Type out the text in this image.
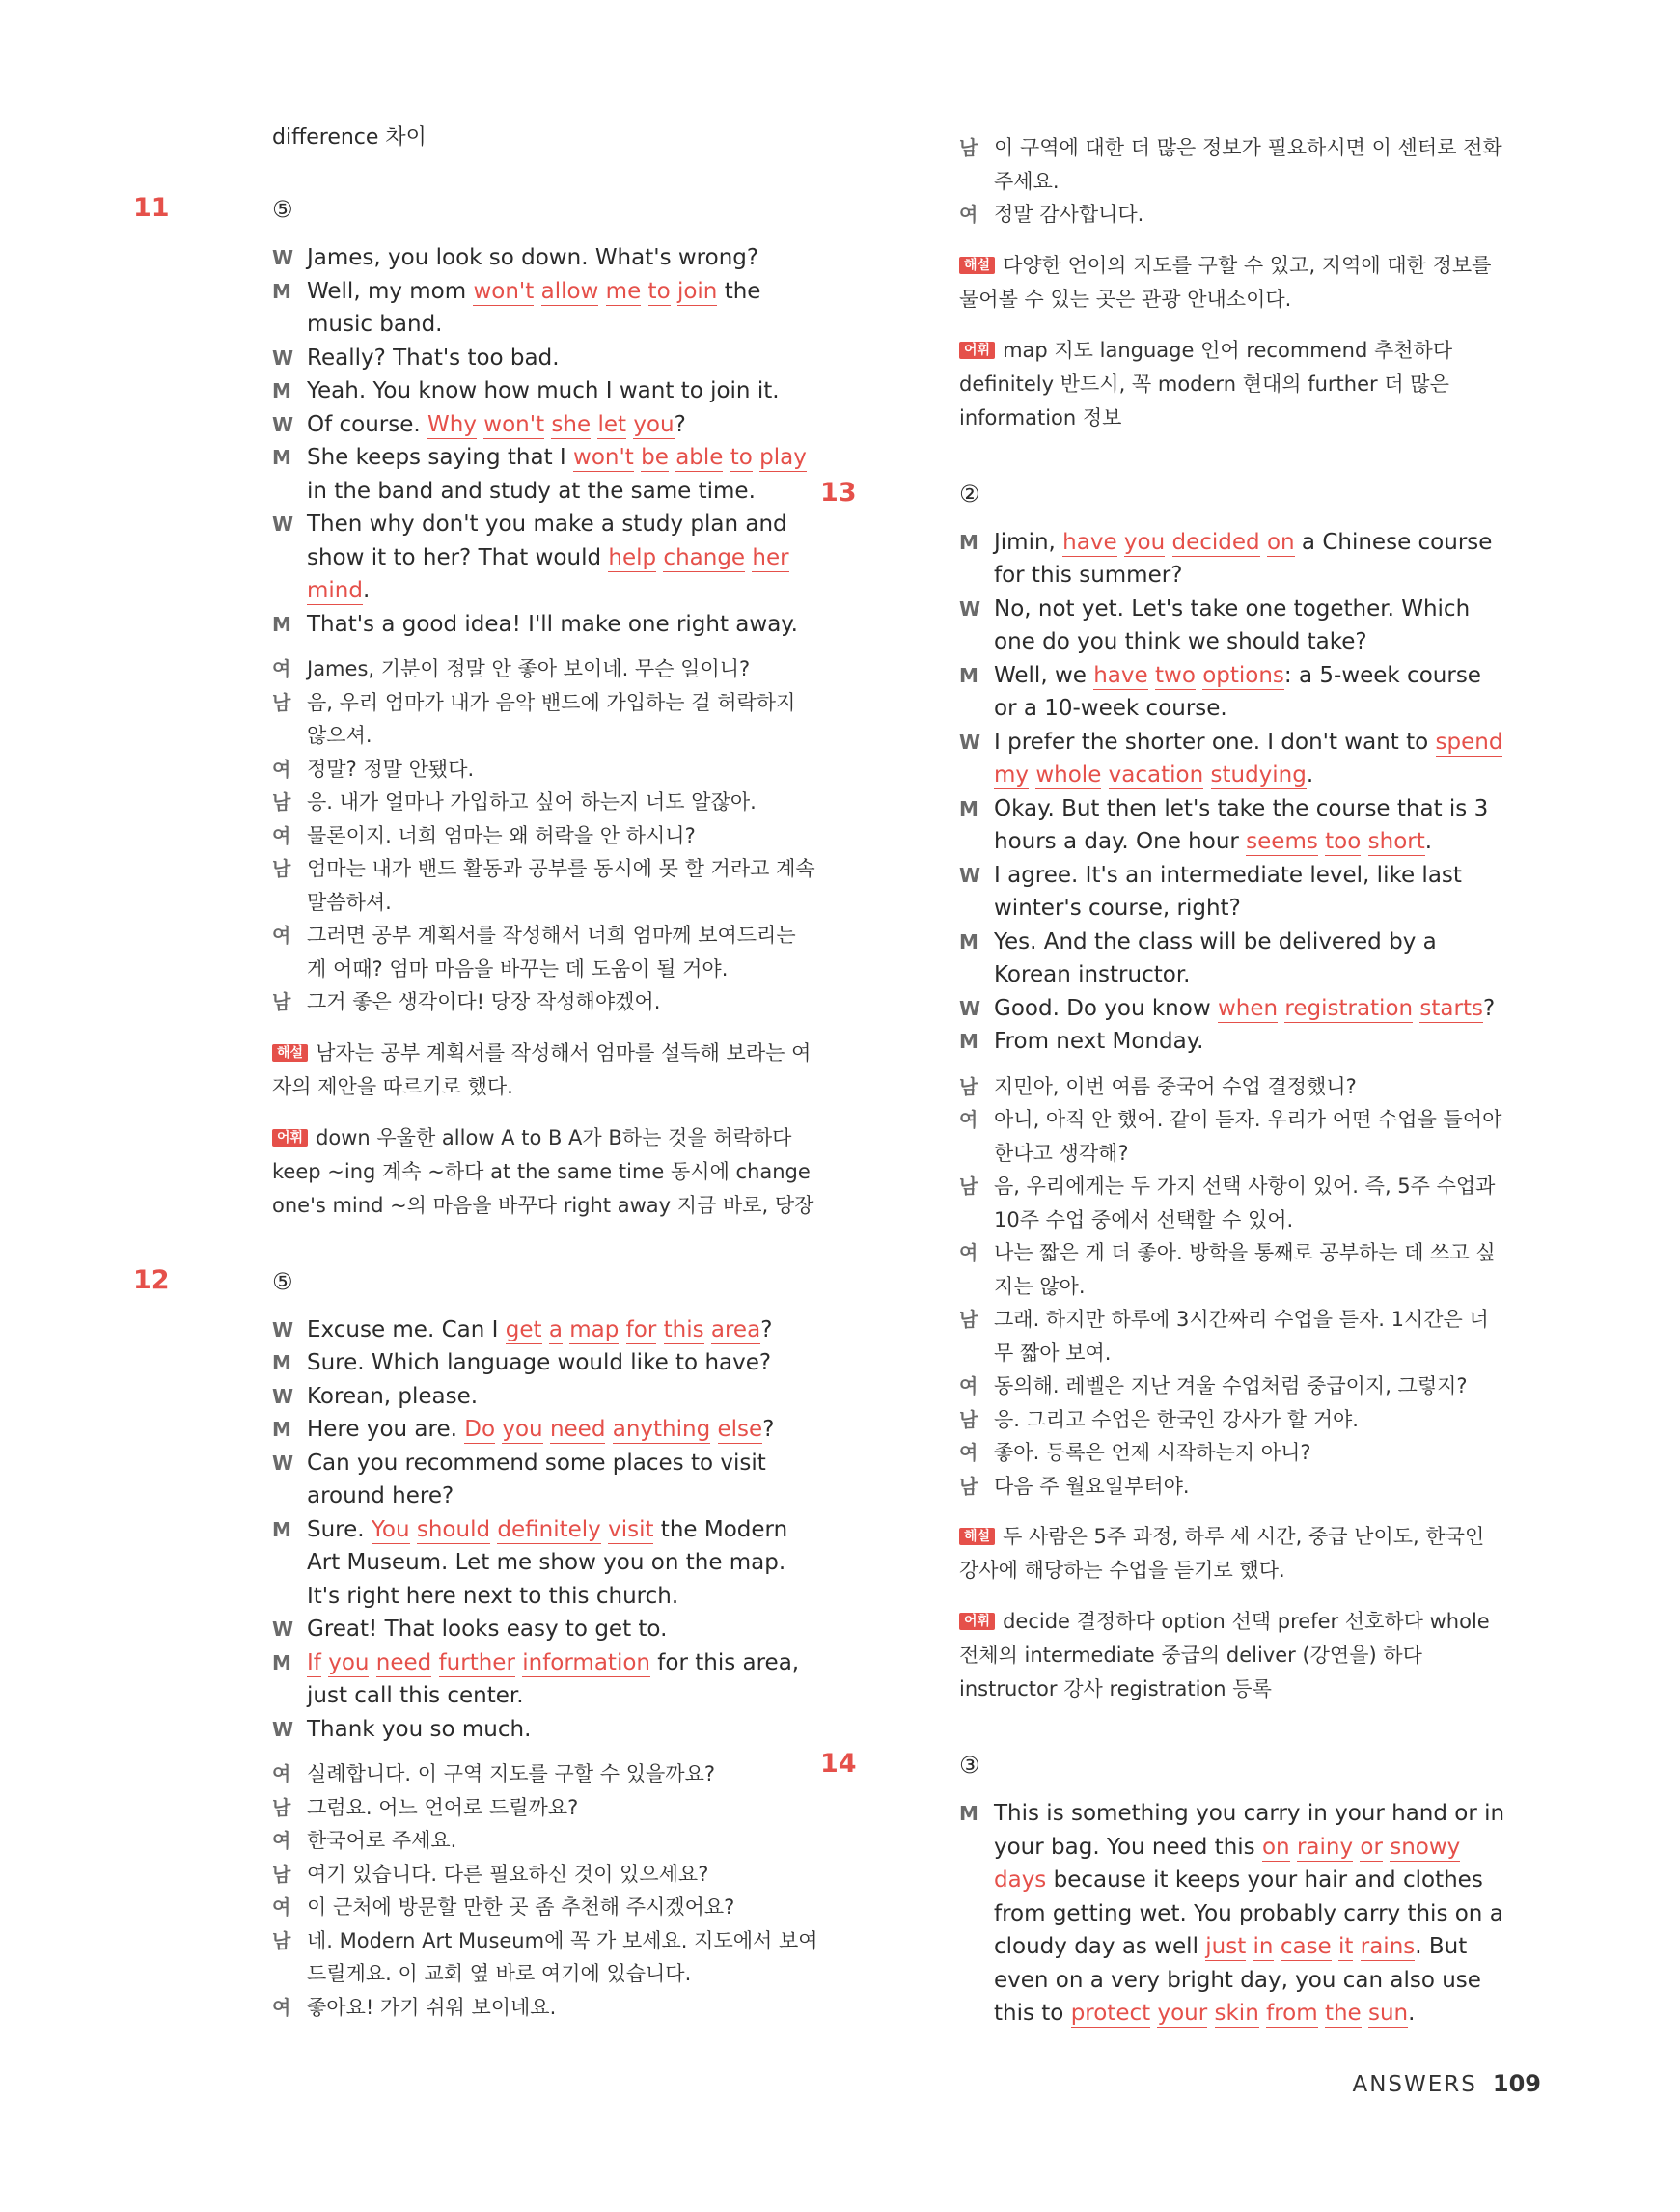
difference 차이
11	⑤
W James, you look so down. What's wrong?
M Well, my mom won't allow me to join the music band.
W Really? That's too bad.
M Yeah. You know how much I want to join it.
W Of course. Why won't she let you?
M She keeps saying that I won't be able to play in the band and study at the same time.
W Then why don't you make a study plan and show it to her? That would help change her mind.
M That's a good idea! I'll make one right away.
여 James, 기분이 정말 안 좋아 보이네. 무슨 일이니?
남 음, 우리 엄마가 내가 음악 밴드에 가입하는 걸 허락하지 않으셔.
여 정말? 정말 안됐다.
남 응. 내가 얼마나 가입하고 싶어 하는지 너도 알잖아.
여 물론이지. 너희 엄마는 왜 허락을 안 하시니?
남 엄마는 내가 밴드 활동과 공부를 동시에 못 할 거라고 계속 말씀하셔.
여 그러면 공부 계획서를 작성해서 너희 엄마께 보여드리는 게 어때? 엄마 마음을 바꾸는 데 도움이 될 거야.
남 그거 좋은 생각이다! 당장 작성해야겠어.
해설 남자는 공부 계획서를 작성해서 엄마를 설득해 보라는 여자의 제안을 따르기로 했다.
어휘 down 우울한 allow A to B A가 B하는 것을 허락하다 keep ~ing 계속 ~하다 at the same time 동시에 change one's mind ~의 마음을 바꾸다 right away 지금 바로, 당장
12	⑤
W Excuse me. Can I get a map for this area?
M Sure. Which language would like to have?
W Korean, please.
M Here you are. Do you need anything else?
W Can you recommend some places to visit around here?
M Sure. You should definitely visit the Modern Art Museum. Let me show you on the map. It's right here next to this church.
W Great! That looks easy to get to.
M If you need further information for this area, just call this center.
W Thank you so much.
여 실례합니다. 이 구역 지도를 구할 수 있을까요?
남 그럼요. 어느 언어로 드릴까요?
여 한국어로 주세요.
남 여기 있습니다. 다른 필요하신 것이 있으세요?
여 이 근처에 방문할 만한 곳 좀 추천해 주시겠어요?
남 네. Modern Art Museum에 꼭 가 보세요. 지도에서 보여드릴게요. 이 교회 옆 바로 여기에 있습니다.
여 좋아요! 가기 쉬워 보이네요.
남 이 구역에 대한 더 많은 정보가 필요하시면 이 센터로 전화 주세요.
여 정말 감사합니다.
해설 다양한 언어의 지도를 구할 수 있고, 지역에 대한 정보를 물어볼 수 있는 곳은 관광 안내소이다.
어휘 map 지도 language 언어 recommend 추천하다 definitely 반드시, 꼭 modern 현대의 further 더 많은 information 정보
13	②
M Jimin, have you decided on a Chinese course for this summer?
W No, not yet. Let's take one together. Which one do you think we should take?
M Well, we have two options: a 5-week course or a 10-week course.
W I prefer the shorter one. I don't want to spend my whole vacation studying.
M Okay. But then let's take the course that is 3 hours a day. One hour seems too short.
W I agree. It's an intermediate level, like last winter's course, right?
M Yes. And the class will be delivered by a Korean instructor.
W Good. Do you know when registration starts?
M From next Monday.
남 지민아, 이번 여름 중국어 수업 결정했니?
여 아니, 아직 안 했어. 같이 듣자. 우리가 어떤 수업을 들어야 한다고 생각해?
남 음, 우리에게는 두 가지 선택 사항이 있어. 즉, 5주 수업과 10주 수업 중에서 선택할 수 있어.
여 나는 짧은 게 더 좋아. 방학을 통째로 공부하는 데 쓰고 싶지는 않아.
남 그래. 하지만 하루에 3시간짜리 수업을 듣자. 1시간은 너무 짧아 보여.
여 동의해. 레벨은 지난 겨울 수업처럼 중급이지, 그렇지?
남 응. 그리고 수업은 한국인 강사가 할 거야.
여 좋아. 등록은 언제 시작하는지 아니?
남 다음 주 월요일부터야.
해설 두 사람은 5주 과정, 하루 세 시간, 중급 난이도, 한국인 강사에 해당하는 수업을 듣기로 했다.
어휘 decide 결정하다 option 선택 prefer 선호하다 whole 전체의 intermediate 중급의 deliver (강연을) 하다 instructor 강사 registration 등록
14	③
M This is something you carry in your hand or in your bag. You need this on rainy or snowy days because it keeps your hair and clothes from getting wet. You probably carry this on a cloudy day as well just in case it rains. But even on a very bright day, you can also use this to protect your skin from the sun.
ANSWERS 109
